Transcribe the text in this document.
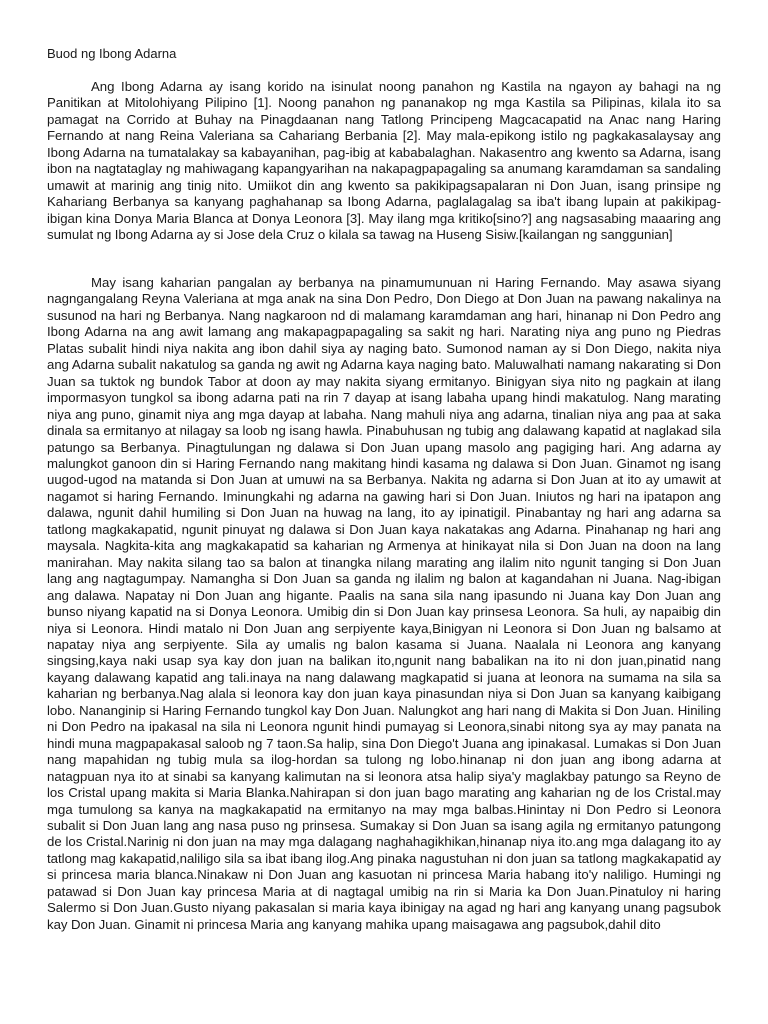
Buod ng Ibong Adarna

Ang Ibong Adarna ay isang korido na isinulat noong panahon ng Kastila na ngayon ay bahagi na ng Panitikan at Mitolohiyang Pilipino [1]. Noong panahon ng pananakop ng mga Kastila sa Pilipinas, kilala ito sa pamagat na Corrido at Buhay na Pinagdaanan nang Tatlong Principeng Magcacapatid na Anac nang Haring Fernando at nang Reina Valeriana sa Cahariang Berbania [2]. May mala-epikong istilo ng pagkakasalaysay ang Ibong Adarna na tumatalakay sa kabayanihan, pag-ibig at kababalaghan. Nakasentro ang kwento sa Adarna, isang ibon na nagtataglay ng mahiwagang kapangyarihan na nakapagpapagaling sa anumang karamdaman sa sandaling umawit at marinig ang tinig nito. Umiikot din ang kwento sa pakikipagsapalaran ni Don Juan, isang prinsipe ng Kahariang Berbanya sa kanyang paghahanap sa Ibong Adarna, paglalagalag sa iba't ibang lupain at pakikipag-ibigan kina Donya Maria Blanca at Donya Leonora [3]. May ilang mga kritiko[sino?] ang nagsasabing maaaring ang sumulat ng Ibong Adarna ay si Jose dela Cruz o kilala sa tawag na Huseng Sisiw.[kailangan ng sanggunian]

May isang kaharian pangalan ay berbanya na pinamumunuan ni Haring Fernando. May asawa siyang nagngangalang Reyna Valeriana at mga anak na sina Don Pedro, Don Diego at Don Juan na pawang nakalinya na susunod na hari ng Berbanya. Nang nagkaroon nd di malamang karamdaman ang hari, hinanap ni Don Pedro ang Ibong Adarna na ang awit lamang ang makapagpapagaling sa sakit ng hari. Narating niya ang puno ng Piedras Platas subalit hindi niya nakita ang ibon dahil siya ay naging bato. Sumonod naman ay si Don Diego, nakita niya ang Adarna subalit nakatulog sa ganda ng awit ng Adarna kaya naging bato. Maluwalhati namang nakarating si Don Juan sa tuktok ng bundok Tabor at doon ay may nakita siyang ermitanyo. Binigyan siya nito ng pagkain at ilang impormasyon tungkol sa ibong adarna pati na rin 7 dayap at isang labaha upang hindi makatulog. Nang marating niya ang puno, ginamit niya ang mga dayap at labaha. Nang mahuli niya ang adarna, tinalian niya ang paa at saka dinala sa ermitanyo at nilagay sa loob ng isang hawla. Pinabuhusan ng tubig ang dalawang kapatid at naglakad sila patungo sa Berbanya. Pinagtulungan ng dalawa si Don Juan upang masolo ang pagiging hari. Ang adarna ay malungkot ganoon din si Haring Fernando nang makitang hindi kasama ng dalawa si Don Juan. Ginamot ng isang uugod-ugod na matanda si Don Juan at umuwi na sa Berbanya. Nakita ng adarna si Don Juan at ito ay umawit at nagamot si haring Fernando. Iminungkahi ng adarna na gawing hari si Don Juan. Iniutos ng hari na ipatapon ang dalawa, ngunit dahil humiling si Don Juan na huwag na lang, ito ay ipinatigil. Pinabantay ng hari ang adarna sa tatlong magkakapatid, ngunit pinuyat ng dalawa si Don Juan kaya nakatakas ang Adarna. Pinahanap ng hari ang maysala. Nagkita-kita ang magkakapatid sa kaharian ng Armenya at hinikayat nila si Don Juan na doon na lang manirahan. May nakita silang tao sa balon at tinangka nilang marating ang ilalim nito ngunit tanging si Don Juan lang ang nagtagumpay. Namangha si Don Juan sa ganda ng ilalim ng balon at kagandahan ni Juana. Nag-ibigan ang dalawa. Napatay ni Don Juan ang higante. Paalis na sana sila nang ipasundo ni Juana kay Don Juan ang bunso niyang kapatid na si Donya Leonora. Umibig din si Don Juan kay prinsesa Leonora. Sa huli, ay napaibig din niya si Leonora. Hindi matalo ni Don Juan ang serpiyente kaya,Binigyan ni Leonora si Don Juan ng balsamo at napatay niya ang serpiyente. Sila ay umalis ng balon kasama si Juana. Naalala ni Leonora ang kanyang singsing,kaya naki usap sya kay don juan na balikan ito,ngunit nang babalikan na ito ni don juan,pinatid nang kayang dalawang kapatid ang tali.inaya na nang dalawang magkapatid si juana at leonora na sumama na sila sa kaharian ng berbanya.Nag alala si leonora kay don juan kaya pinasundan niya si Don Juan sa kanyang kaibigang lobo. Nananginip si Haring Fernando tungkol kay Don Juan. Nalungkot ang hari nang di Makita si Don Juan. Hiniling ni Don Pedro na ipakasal na sila ni Leonora ngunit hindi pumayag si Leonora,sinabi nitong sya ay may panata na hindi muna magpapakasal saloob ng 7 taon.Sa halip, sina Don Diego't Juana ang ipinakasal. Lumakas si Don Juan nang mapahidan ng tubig mula sa ilog-hordan sa tulong ng lobo.hinanap ni don juan ang ibong adarna at natagpuan nya ito at sinabi sa kanyang kalimutan na si leonora atsa halip siya'y maglakbay patungo sa Reyno de los Cristal upang makita si Maria Blanka.Nahirapan si don juan bago marating ang kaharian ng de los Cristal.may mga tumulong sa kanya na magkakapatid na ermitanyo na may mga balbas.Hinintay ni Don Pedro si Leonora subalit si Don Juan lang ang nasa puso ng prinsesa. Sumakay si Don Juan sa isang agila ng ermitanyo patungong de los Cristal.Narinig ni don juan na may mga dalagang naghahagikhikan,hinanap niya ito.ang mga dalagang ito ay tatlong mag kakapatid,naliligo sila sa ibat ibang ilog.Ang pinaka nagustuhan ni don juan sa tatlong magkakapatid ay si princesa maria blanca.Ninakaw ni Don Juan ang kasuotan ni princesa Maria habang ito'y naliligo. Humingi ng patawad si Don Juan kay princesa Maria at di nagtagal umibig na rin si Maria ka Don Juan.Pinatuloy ni haring Salermo si Don Juan.Gusto niyang pakasalan si maria kaya ibinigay na agad ng hari ang kanyang unang pagsubok kay Don Juan. Ginamit ni princesa Maria ang kanyang mahika upang maisagawa ang pagsubok,dahil dito
